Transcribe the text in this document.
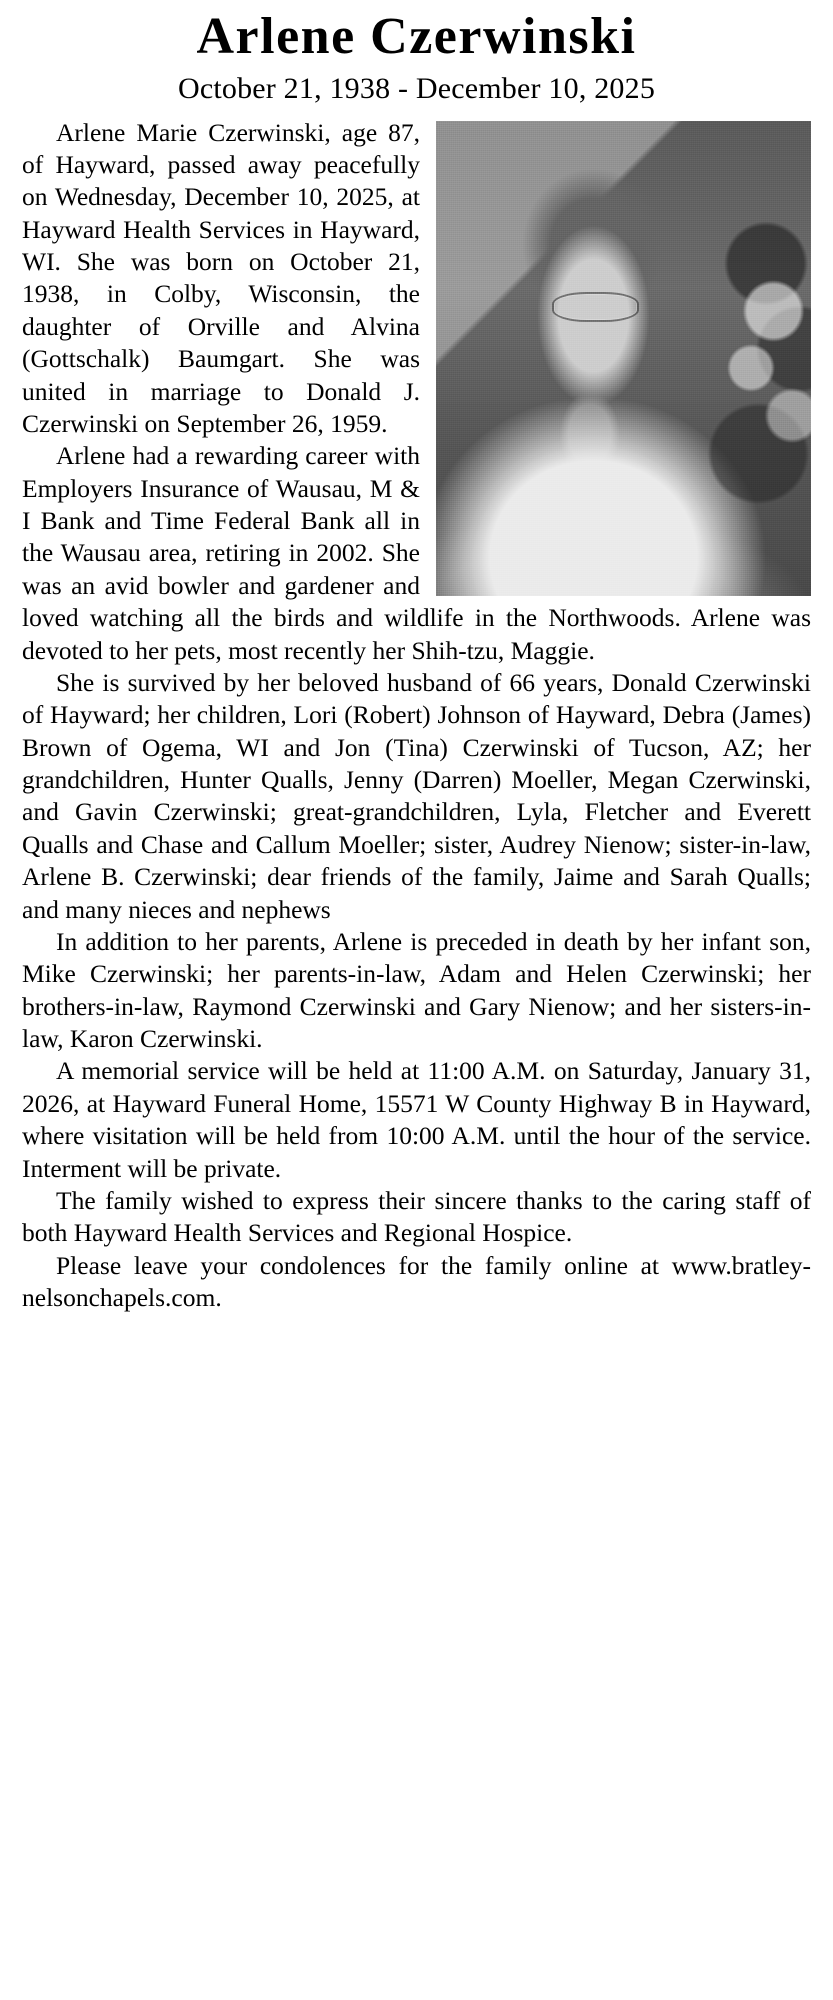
Arlene Czerwinski
October 21, 1938 - December 10, 2025

Arlene Marie Czerwinski, age 87, of Hayward, passed away peacefully on Wednesday, December 10, 2025, at Hayward Health Services in Hayward, WI. She was born on October 21, 1938, in Colby, Wisconsin, the daughter of Orville and Alvina (Gottschalk) Baumgart. She was united in marriage to Donald J. Czerwinski on September 26, 1959.

Arlene had a rewarding career with Employers Insurance of Wausau, M & I Bank and Time Federal Bank all in the Wausau area, retiring in 2002. She was an avid bowler and gardener and loved watching all the birds and wildlife in the Northwoods. Arlene was devoted to her pets, most recently her Shih-tzu, Maggie.

She is survived by her beloved husband of 66 years, Donald Czerwinski of Hayward; her children, Lori (Robert) Johnson of Hayward, Debra (James) Brown of Ogema, WI and Jon (Tina) Czerwinski of Tucson, AZ; her grandchildren, Hunter Qualls, Jenny (Darren) Moeller, Megan Czerwinski, and Gavin Czerwinski; great-grandchildren, Lyla, Fletcher and Everett Qualls and Chase and Callum Moeller; sister, Audrey Nienow; sister-in-law, Arlene B. Czerwinski; dear friends of the family, Jaime and Sarah Qualls; and many nieces and nephews

In addition to her parents, Arlene is preceded in death by her infant son, Mike Czerwinski; her parents-in-law, Adam and Helen Czerwinski; her brothers-in-law, Raymond Czerwinski and Gary Nienow; and her sisters-in-law, Karon Czerwinski.

A memorial service will be held at 11:00 A.M. on Saturday, January 31, 2026, at Hayward Funeral Home, 15571 W County Highway B in Hayward, where visitation will be held from 10:00 A.M. until the hour of the service. Interment will be private.

The family wished to express their sincere thanks to the caring staff of both Hayward Health Services and Regional Hospice.

Please leave your condolences for the family online at www.bratley-nelsonchapels.com.
